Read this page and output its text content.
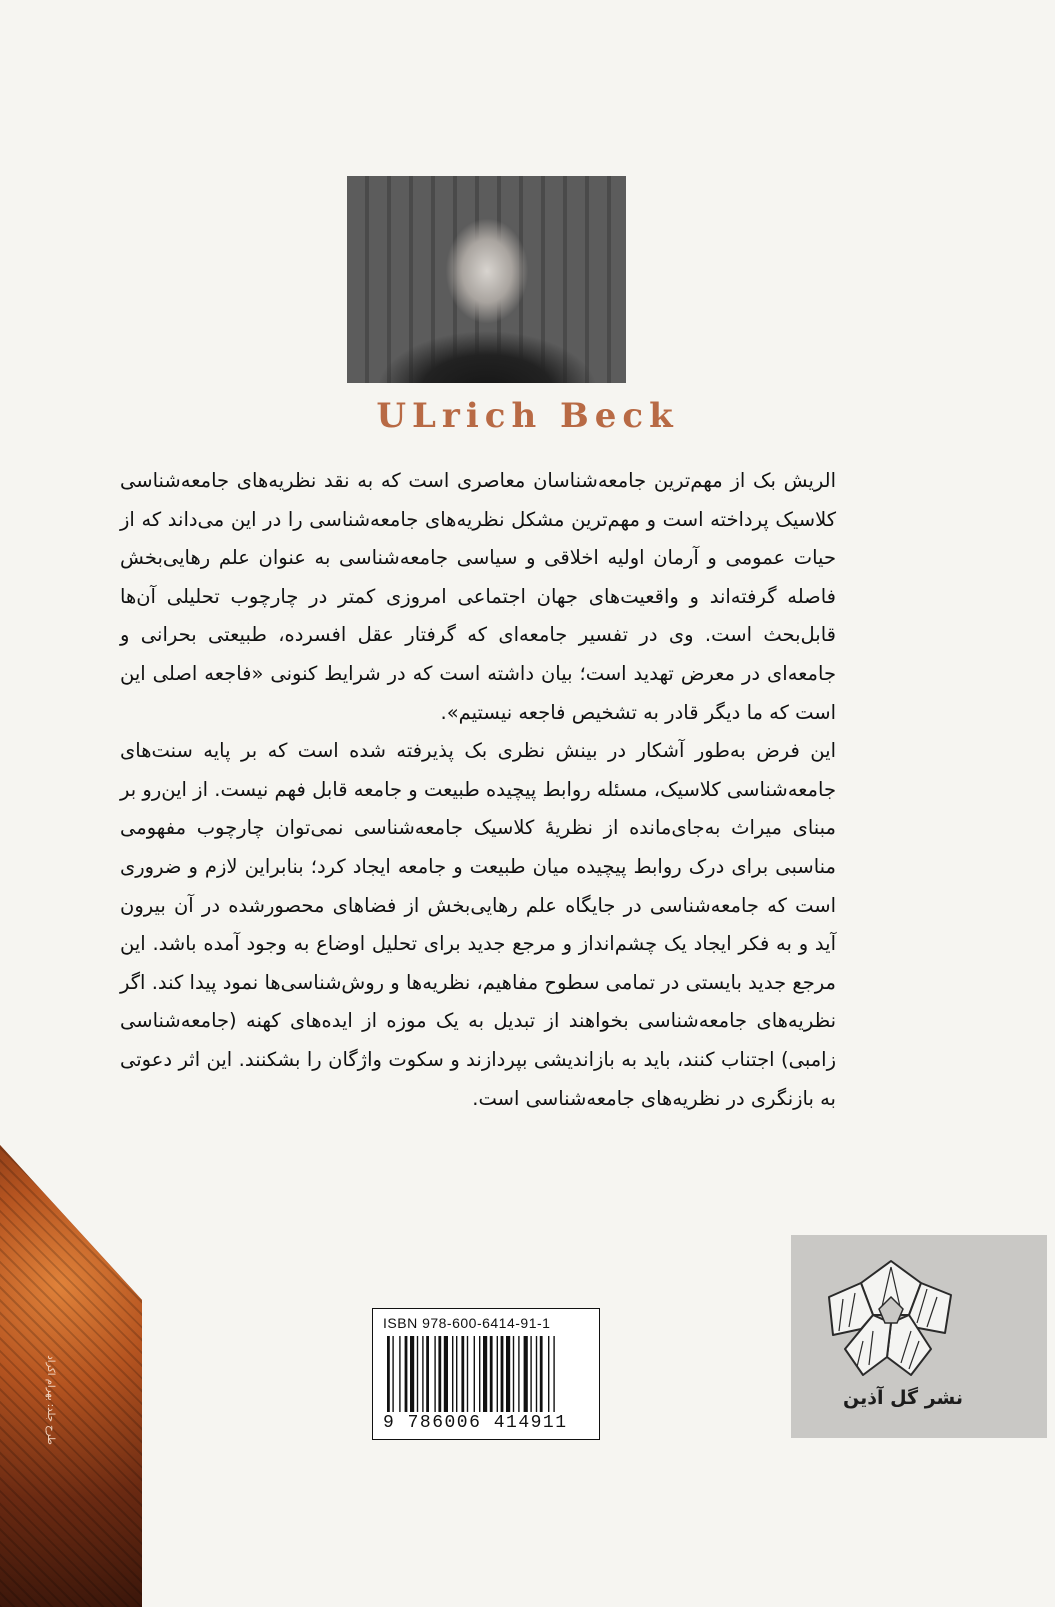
ULrich Beck

الریش بک از مهم‌ترین جامعه‌شناسان معاصری است که به نقد نظریه‌های جامعه‌شناسی کلاسیک پرداخته است و مهم‌ترین مشکل نظریه‌های جامعه‌شناسی را در این می‌داند که از حیات عمومی و آرمان اولیه اخلاقی و سیاسی جامعه‌شناسی به عنوان علم رهایی‌بخش فاصله گرفته‌اند و واقعیت‌های جهان اجتماعی امروزی کمتر در چارچوب تحلیلی آن‌ها قابل‌بحث است. وی در تفسیر جامعه‌ای که گرفتار عقل افسرده، طبیعتی بحرانی و جامعه‌ای در معرض تهدید است؛ بیان داشته است که در شرایط کنونی «فاجعه اصلی این است که ما دیگر قادر به تشخیص فاجعه نیستیم».

این فرض به‌طور آشکار در بینش نظری بک پذیرفته شده است که بر پایه سنت‌های جامعه‌شناسی کلاسیک، مسئله روابط پیچیده طبیعت و جامعه قابل فهم نیست. از این‌رو بر مبنای میراث به‌جای‌مانده از نظریهٔ کلاسیک جامعه‌شناسی نمی‌توان چارچوب مفهومی مناسبی برای درک روابط پیچیده میان طبیعت و جامعه ایجاد کرد؛ بنابراین لازم و ضروری است که جامعه‌شناسی در جایگاه علم رهایی‌بخش از فضاهای محصورشده در آن بیرون آید و به فکر ایجاد یک چشم‌انداز و مرجع جدید برای تحلیل اوضاع به وجود آمده باشد. این مرجع جدید بایستی در تمامی سطوح مفاهیم، نظریه‌ها و روش‌شناسی‌ها نمود پیدا کند. اگر نظریه‌های جامعه‌شناسی بخواهند از تبدیل به یک موزه از ایده‌های کهنه (جامعه‌شناسی زامبی) اجتناب کنند، باید به بازاندیشی بپردازند و سکوت واژگان را بشکنند. این اثر دعوتی به بازنگری در نظریه‌های جامعه‌شناسی است.

طرح جلد: بهرام اکراد
ISBN 978-600-6414-91-1
9 786006 414911
نشر گل آذین
